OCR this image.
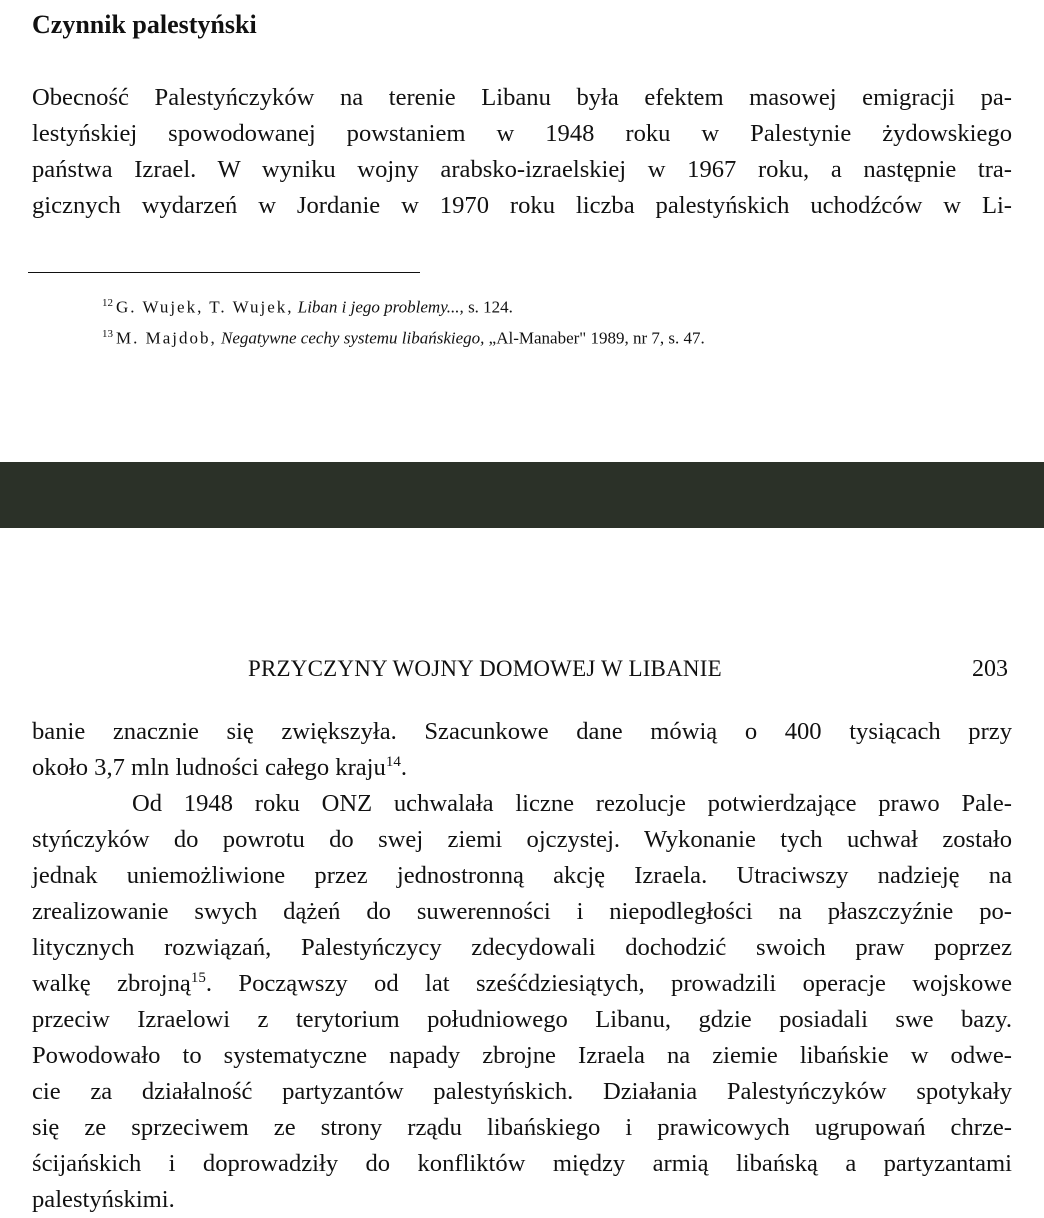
Czynnik palestyński
Obecność Palestyńczyków na terenie Libanu była efektem masowej emigracji pa-
lestyńskiej spowodowanej powstaniem w 1948 roku w Palestynie żydowskiego
państwa Izrael. W wyniku wojny arabsko-izraelskiej w 1967 roku, a następnie tra-
gicznych wydarzeń w Jordanie w 1970 roku liczba palestyńskich uchodźców w Li-
$^{12}$ G. Wujek, T. Wujek, Liban i jego problemy..., s. 124.
$^{13}$ M. Majdob, Negatywne cechy systemu libańskiego, „Al-Manaber" 1989, nr 7, s. 47.
PRZYCZYNY WOJNY DOMOWEJ W LIBANIE	203
banie znacznie się zwiększyła. Szacunkowe dane mówią o 400 tysiącach przy
około 3,7 mln ludności całego kraju$^{14}$.
Od 1948 roku ONZ uchwalała liczne rezolucje potwierdzające prawo Pale-
styńczyków do powrotu do swej ziemi ojczystej. Wykonanie tych uchwał zostało
jednak uniemożliwione przez jednostronną akcję Izraela. Utraciwszy nadzieję na
zrealizowanie swych dążeń do suwerenności i niepodległości na płaszczyźnie po-
litycznych rozwiązań, Palestyńczycy zdecydowali dochodzić swoich praw poprzez
walkę zbrojną$^{15}$. Począwszy od lat sześćdziesiątych, prowadzili operacje wojskowe
przeciw Izraelowi z terytorium południowego Libanu, gdzie posiadali swe bazy.
Powodowało to systematyczne napady zbrojne Izraela na ziemie libańskie w odwe-
cie za działalność partyzantów palestyńskich. Działania Palestyńczyków spotykały
się ze sprzeciwem ze strony rządu libańskiego i prawicowych ugrupowań chrze-
ścijańskich i doprowadziły do konfliktów między armią libańską a partyzantami
palestyńskimi.
